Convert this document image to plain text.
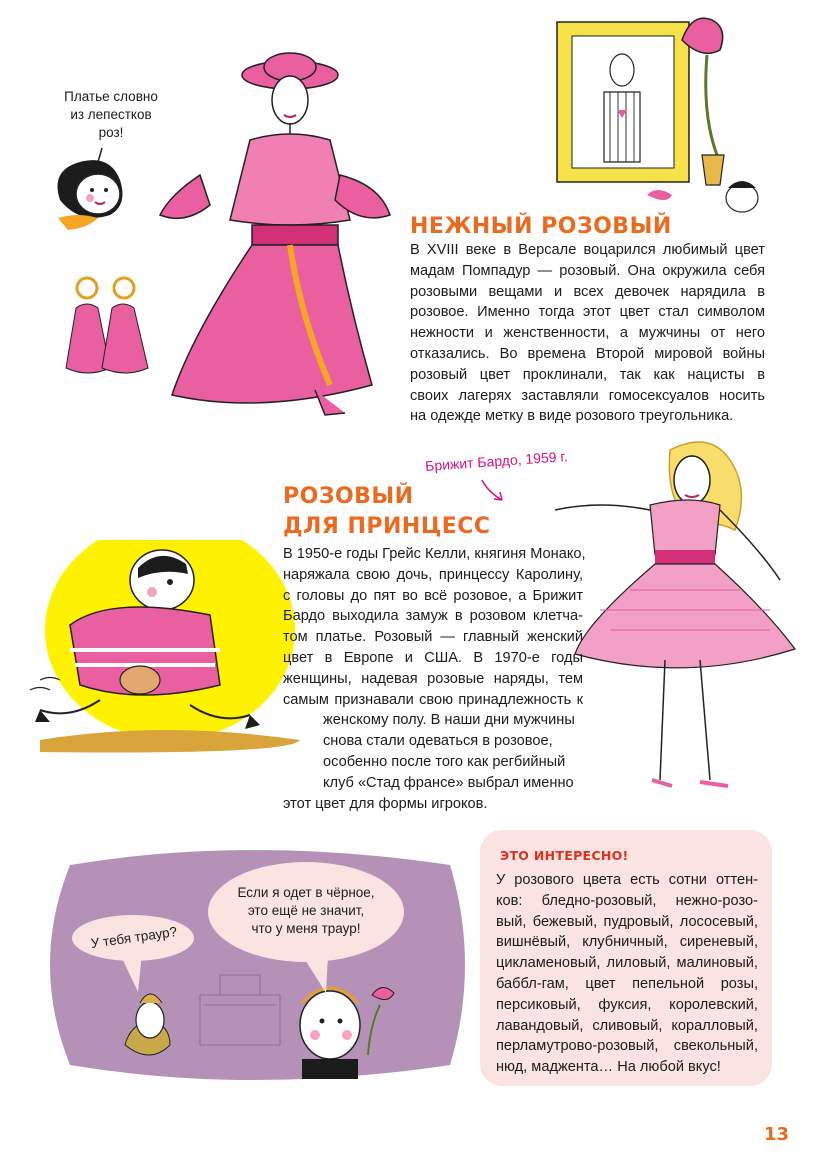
Платье словно
из лепестков
роз!
Брижит Бардо, 1959 г.
У тебя траур?
Если я одет в чёрное,
это ещё не значит,
что у меня траур!
НЕЖНЫЙ РОЗОВЫЙ
В XVIII веке в Версале воцарился любимый цвет
мадам Помпадур — розовый. Она окружила себя
розовыми вещами и всех девочек нарядила в
розовое. Именно тогда этот цвет стал символом
нежности и женственности, а мужчины от него
отказались. Во времена Второй мировой войны
розовый цвет проклинали, так как нацисты в
своих лагерях заставляли гомосексуалов носить
на одежде метку в виде розового треугольника.
РОЗОВЫЙ
ДЛЯ ПРИНЦЕСС
В 1950-е годы Грейс Келли, княгиня Монако,
наряжала свою дочь, принцессу Каролину,
с головы до пят во всё розовое, а Брижит
Бардо выходила замуж в розовом клетча-
том платье. Розовый — главный женский
цвет в Европе и США. В 1970-е годы
женщины, надевая розовые наряды, тем
самым признавали свою принадлежность к
женскому полу. В наши дни мужчины
снова стали одеваться в розовое,
особенно после того как регбийный
клуб «Стад франсе» выбрал именно
этот цвет для формы игроков.
ЭТО ИНТЕРЕСНО!
У розового цвета есть сотни оттен-
ков: бледно-розовый, нежно-розо-
вый, бежевый, пудровый, лососевый,
вишнёвый, клубничный, сиреневый,
цикламеновый, лиловый, малиновый,
баббл-гам, цвет пепельной розы,
персиковый, фуксия, королевский,
лавандовый, сливовый, коралловый,
перламутрово-розовый, свекольный,
нюд, маджента… На любой вкус!
13
